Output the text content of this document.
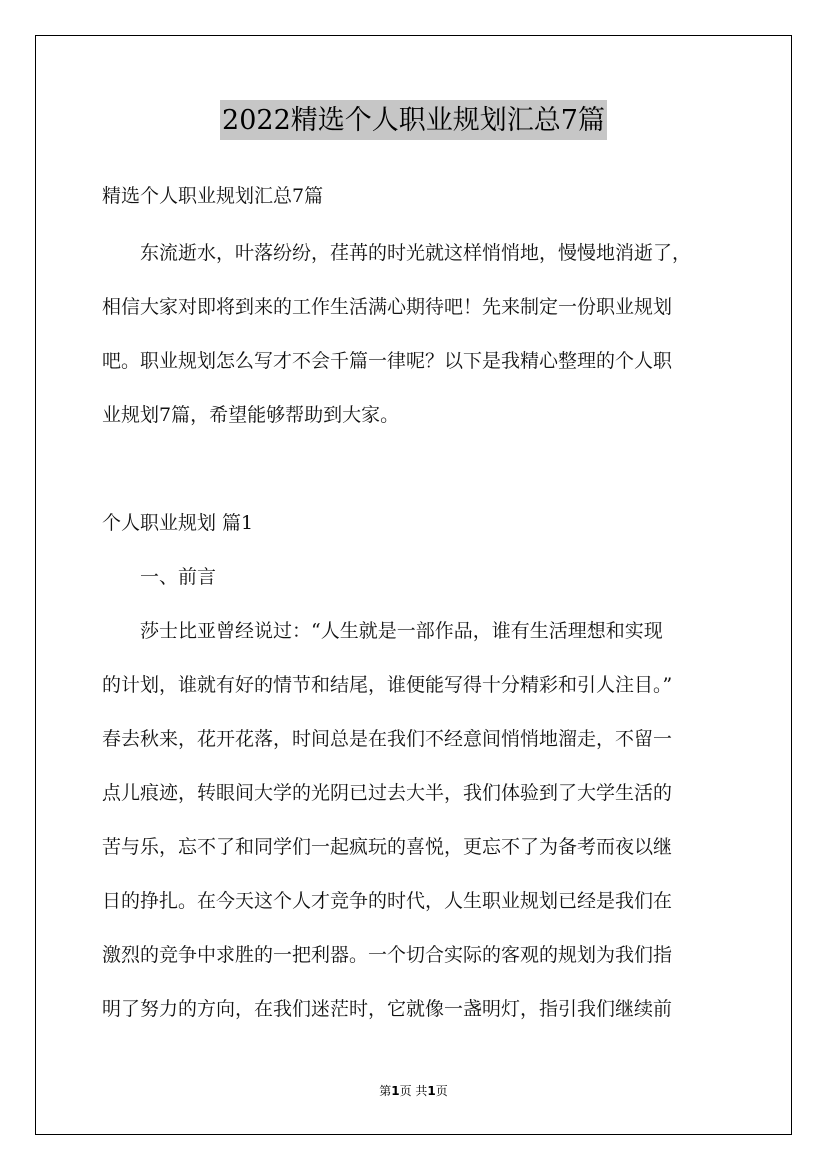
2022精选个人职业规划汇总7篇
精选个人职业规划汇总7篇
　　东流逝水，叶落纷纷，荏苒的时光就这样悄悄地，慢慢地消逝了，
相信大家对即将到来的工作生活满心期待吧！先来制定一份职业规划
吧。职业规划怎么写才不会千篇一律呢？以下是我精心整理的个人职
业规划7篇，希望能够帮助到大家。
个人职业规划 篇1
　　一、前言
　　莎士比亚曾经说过：“人生就是一部作品，谁有生活理想和实现
的计划，谁就有好的情节和结尾，谁便能写得十分精彩和引人注目。”
春去秋来，花开花落，时间总是在我们不经意间悄悄地溜走，不留一
点儿痕迹，转眼间大学的光阴已过去大半，我们体验到了大学生活的
苦与乐，忘不了和同学们一起疯玩的喜悦，更忘不了为备考而夜以继
日的挣扎。在今天这个人才竞争的时代，人生职业规划已经是我们在
激烈的竞争中求胜的一把利器。一个切合实际的客观的规划为我们指
明了努力的方向，在我们迷茫时，它就像一盏明灯，指引我们继续前
第1页 共1页
